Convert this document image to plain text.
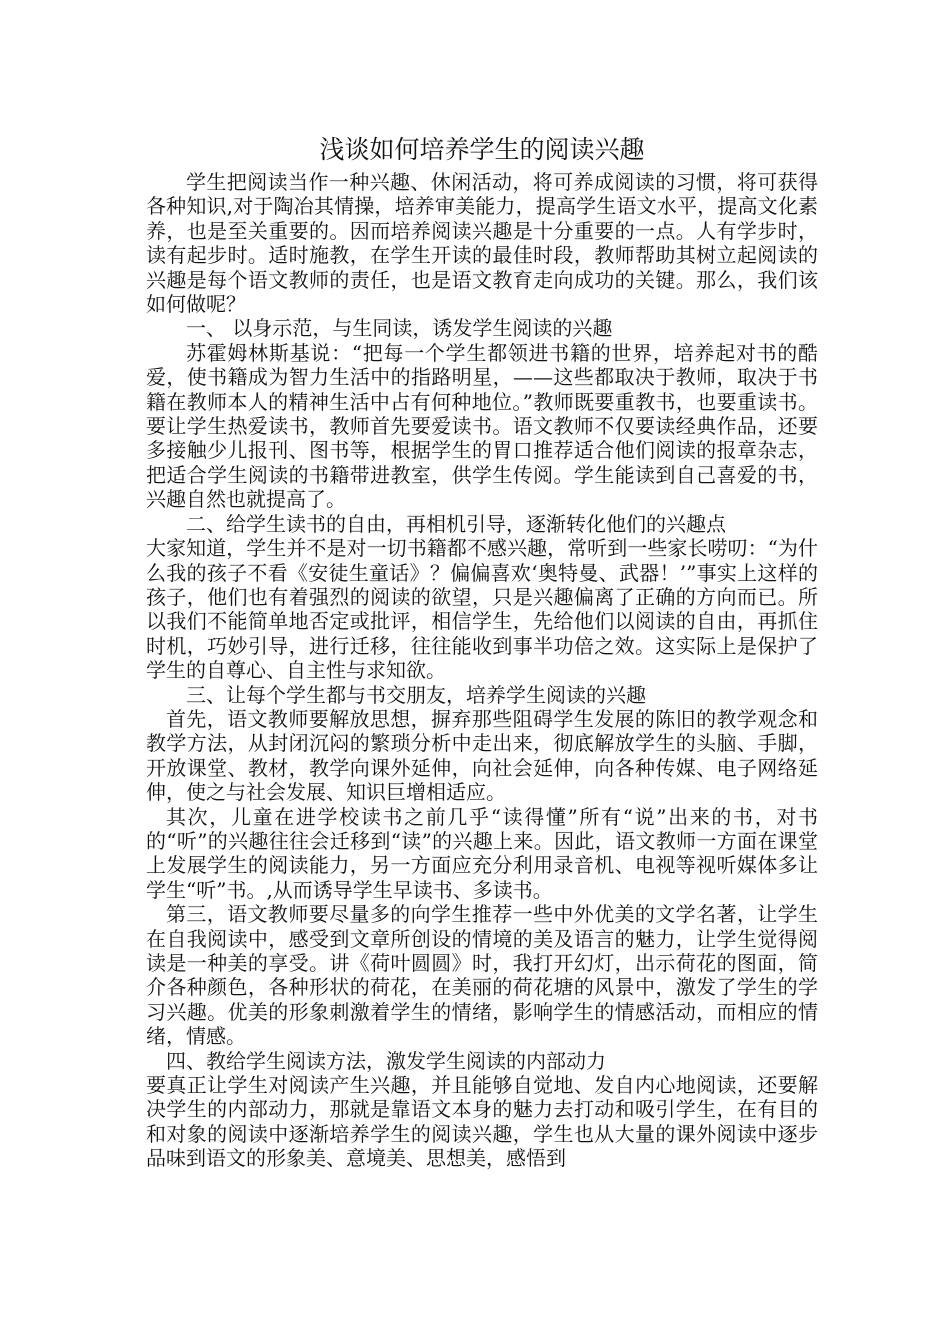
浅谈如何培养学生的阅读兴趣

学生把阅读当作一种兴趣、休闲活动，将可养成阅读的习惯，将可获得各种知识,对于陶冶其情操，培养审美能力，提高学生语文水平，提高文化素养，也是至关重要的。因而培养阅读兴趣是十分重要的一点。人有学步时，读有起步时。适时施教，在学生开读的最佳时段，教师帮助其树立起阅读的兴趣是每个语文教师的责任，也是语文教育走向成功的关键。那么，我们该如何做呢？

一、 以身示范，与生同读，诱发学生阅读的兴趣

苏霍姆林斯基说：“把每一个学生都领进书籍的世界，培养起对书的酷爱，使书籍成为智力生活中的指路明星，——这些都取决于教师，取决于书籍在教师本人的精神生活中占有何种地位。”教师既要重教书，也要重读书。要让学生热爱读书，教师首先要爱读书。语文教师不仅要读经典作品，还要多接触少儿报刊、图书等，根据学生的胃口推荐适合他们阅读的报章杂志，把适合学生阅读的书籍带进教室，供学生传阅。学生能读到自己喜爱的书，兴趣自然也就提高了。

二、给学生读书的自由，再相机引导，逐渐转化他们的兴趣点

大家知道，学生并不是对一切书籍都不感兴趣，常听到一些家长唠叨：“为什么我的孩子不看《安徒生童话》？偏偏喜欢‘奥特曼、武器！’”事实上这样的孩子，他们也有着强烈的阅读的欲望，只是兴趣偏离了正确的方向而已。所以我们不能简单地否定或批评，相信学生，先给他们以阅读的自由，再抓住时机，巧妙引导，进行迁移，往往能收到事半功倍之效。这实际上是保护了学生的自尊心、自主性与求知欲。

三、让每个学生都与书交朋友，培养学生阅读的兴趣

首先，语文教师要解放思想，摒弃那些阻碍学生发展的陈旧的教学观念和教学方法，从封闭沉闷的繁琐分析中走出来，彻底解放学生的头脑、手脚，开放课堂、教材，教学向课外延伸，向社会延伸，向各种传媒、电子网络延伸，使之与社会发展、知识巨增相适应。

其次，儿童在进学校读书之前几乎“读得懂”所有“说”出来的书，对书的“听”的兴趣往往会迁移到“读”的兴趣上来。因此，语文教师一方面在课堂上发展学生的阅读能力，另一方面应充分利用录音机、电视等视听媒体多让学生“听”书。,从而诱导学生早读书、多读书。

第三，语文教师要尽量多的向学生推荐一些中外优美的文学名著，让学生在自我阅读中，感受到文章所创设的情境的美及语言的魅力，让学生觉得阅读是一种美的享受。讲《荷叶圆圆》时，我打开幻灯，出示荷花的图面，简介各种颜色，各种形状的荷花，在美丽的荷花塘的风景中，激发了学生的学习兴趣。优美的形象刺激着学生的情绪，影响学生的情感活动，而相应的情绪，情感。

四、教给学生阅读方法，激发学生阅读的内部动力

要真正让学生对阅读产生兴趣，并且能够自觉地、发自内心地阅读，还要解决学生的内部动力，那就是靠语文本身的魅力去打动和吸引学生，在有目的和对象的阅读中逐渐培养学生的阅读兴趣，学生也从大量的课外阅读中逐步品味到语文的形象美、意境美、思想美，感悟到
